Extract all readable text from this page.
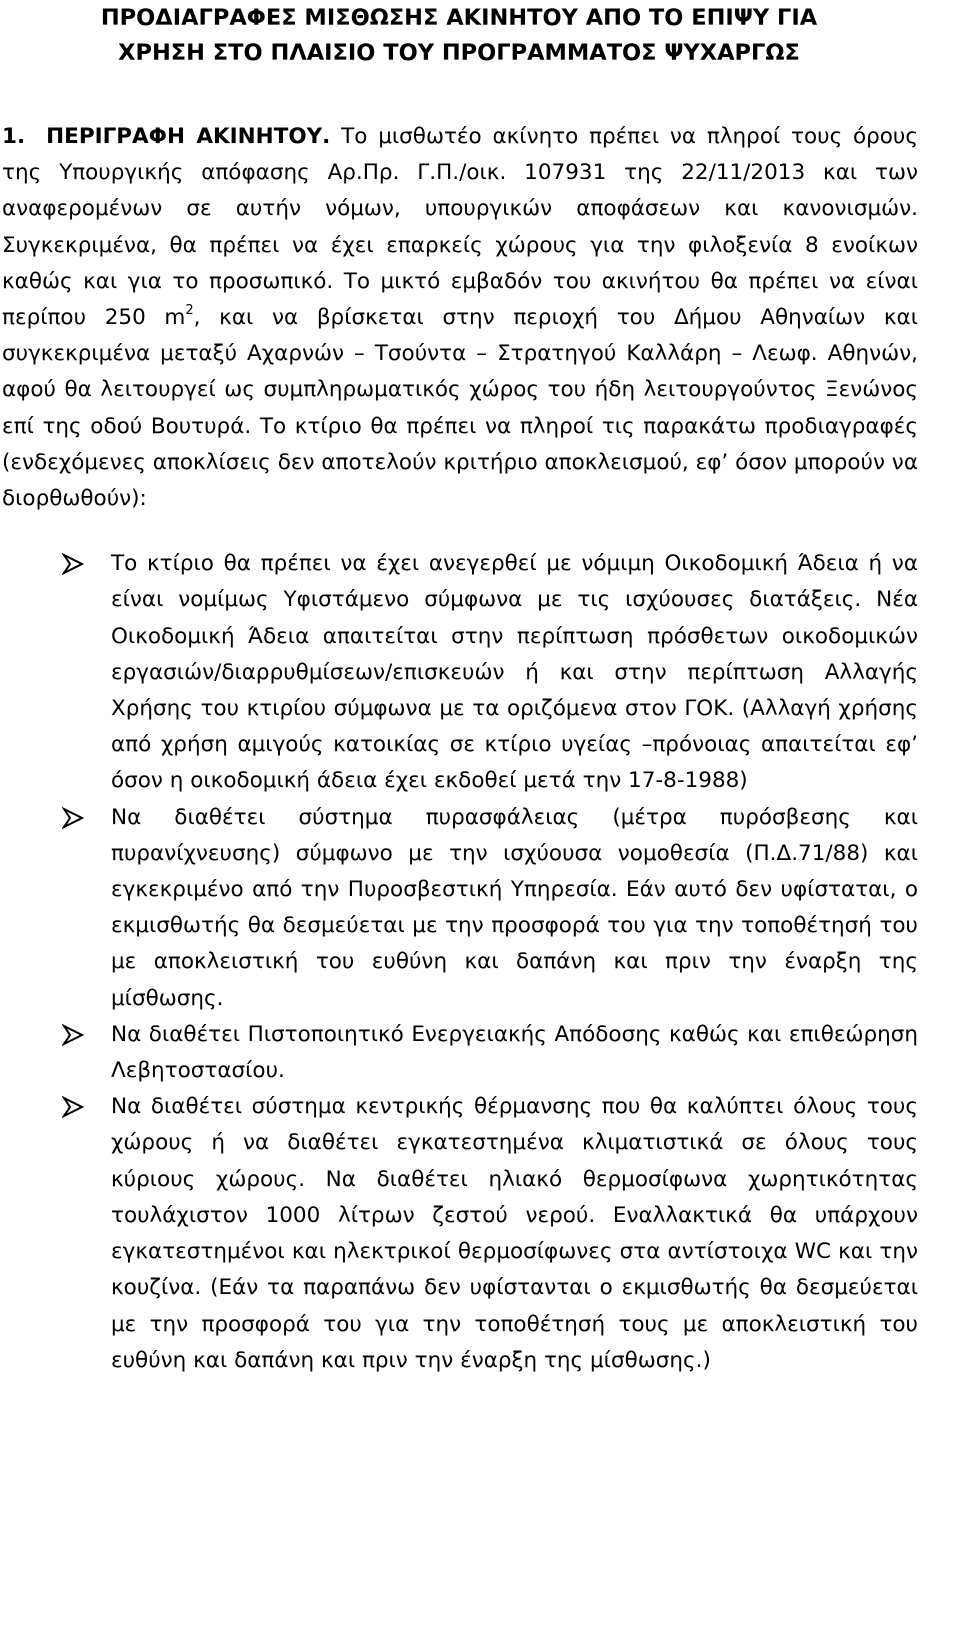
ΠΡΟΔΙΑΓΡΑΦΕΣ ΜΙΣΘΩΣΗΣ ΑΚΙΝΗΤΟΥ ΑΠΟ ΤΟ ΕΠΙΨΥ ΓΙΑ
ΧΡΗΣΗ ΣΤΟ ΠΛΑΙΣΙΟ ΤΟΥ ΠΡΟΓΡΑΜΜΑΤΟΣ ΨΥΧΑΡΓΩΣ

1. ΠΕΡΙΓΡΑΦΗ ΑΚΙΝΗΤΟΥ. Το μισθωτέο ακίνητο πρέπει να πληροί τους όρους της Υπουργικής απόφασης Αρ.Πρ. Γ.Π./οικ. 107931 της 22/11/2013 και των αναφερομένων σε αυτήν νόμων, υπουργικών αποφάσεων και κανονισμών. Συγκεκριμένα, θα πρέπει να έχει επαρκείς χώρους για την φιλοξενία 8 ενοίκων καθώς και για το προσωπικό. Το μικτό εμβαδόν του ακινήτου θα πρέπει να είναι περίπου 250 $m^2$, και να βρίσκεται στην περιοχή του Δήμου Αθηναίων και συγκεκριμένα μεταξύ Αχαρνών – Τσούντα – Στρατηγού Καλλάρη – Λεωφ. Αθηνών, αφού θα λειτουργεί ως συμπληρωματικός χώρος του ήδη λειτουργούντος Ξενώνος επί της οδού Βουτυρά. Το κτίριο θα πρέπει να πληροί τις παρακάτω προδιαγραφές (ενδεχόμενες αποκλίσεις δεν αποτελούν κριτήριο αποκλεισμού, εφ’ όσον μπορούν να διορθωθούν):

Το κτίριο θα πρέπει να έχει ανεγερθεί με νόμιμη Οικοδομική Άδεια ή να είναι νομίμως Υφιστάμενο σύμφωνα με τις ισχύουσες διατάξεις. Νέα Οικοδομική Άδεια απαιτείται στην περίπτωση πρόσθετων οικοδομικών εργασιών/διαρρυθμίσεων/επισκευών ή και στην περίπτωση Αλλαγής Χρήσης του κτιρίου σύμφωνα με τα οριζόμενα στον ΓΟΚ. (Αλλαγή χρήσης από χρήση αμιγούς κατοικίας σε κτίριο υγείας –πρόνοιας απαιτείται εφ’ όσον η οικοδομική άδεια έχει εκδοθεί μετά την 17-8-1988)
Να διαθέτει σύστημα πυρασφάλειας (μέτρα πυρόσβεσης και πυρανίχνευσης) σύμφωνο με την ισχύουσα νομοθεσία (Π.Δ.71/88) και εγκεκριμένο από την Πυροσβεστική Υπηρεσία. Εάν αυτό δεν υφίσταται, ο εκμισθωτής θα δεσμεύεται με την προσφορά του για την τοποθέτησή του με αποκλειστική του ευθύνη και δαπάνη και πριν την έναρξη της μίσθωσης.
Να διαθέτει Πιστοποιητικό Ενεργειακής Απόδοσης καθώς και επιθεώρηση Λεβητοστασίου.
Να διαθέτει σύστημα κεντρικής θέρμανσης που θα καλύπτει όλους τους χώρους ή να διαθέτει εγκατεστημένα κλιματιστικά σε όλους τους κύριους χώρους. Να διαθέτει ηλιακό θερμοσίφωνα χωρητικότητας τουλάχιστον 1000 λίτρων ζεστού νερού. Εναλλακτικά θα υπάρχουν εγκατεστημένοι και ηλεκτρικοί θερμοσίφωνες στα αντίστοιχα WC και την κουζίνα. (Εάν τα παραπάνω δεν υφίστανται ο εκμισθωτής θα δεσμεύεται με την προσφορά του για την τοποθέτησή τους με αποκλειστική του ευθύνη και δαπάνη και πριν την έναρξη της μίσθωσης.)
